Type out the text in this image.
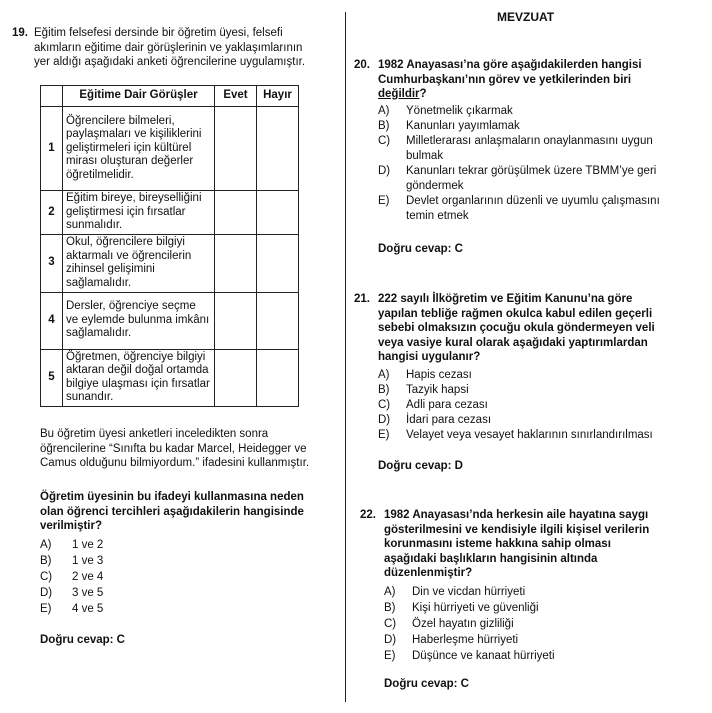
19. Eğitim felsefesi dersinde bir öğretim üyesi, felsefi
akımların eğitime dair görüşlerinin ve yaklaşımlarının
yer aldığı aşağıdaki anketi öğrencilerine uygulamıştır.
	Eğitime Dair Görüşler	Evet	Hayır
1	Öğrencilere bilmeleri, paylaşmaları ve kişiliklerini geliştirmeleri için kültürel mirası oluşturan değerler öğretilmelidir.		
2	Eğitim bireye, bireyselliğini geliştirmesi için fırsatlar sunmalıdır.		
3	Okul, öğrencilere bilgiyi aktarmalı ve öğrencilerin zihinsel gelişimini sağlamalıdır.		
4	Dersler, öğrenciye seçme ve eylemde bulunma imkânı sağlamalıdır.		
5	Öğretmen, öğrenciye bilgiyi aktaran değil doğal ortamda bilgiye ulaşması için fırsatlar sunandır.		
Bu öğretim üyesi anketleri inceledikten sonra
öğrencilerine “Sınıfta bu kadar Marcel, Heidegger ve
Camus olduğunu bilmiyordum.” ifadesini kullanmıştır.
Öğretim üyesinin bu ifadeyi kullanmasına neden
olan öğrenci tercihleri aşağıdakilerin hangisinde
verilmiştir?
A) 1 ve 2
B) 1 ve 3
C) 2 ve 4
D) 3 ve 5
E) 4 ve 5
Doğru cevap: C
MEVZUAT
20. 1982 Anayasası’na göre aşağıdakilerden hangisi
Cumhurbaşkanı’nın görev ve yetkilerinden biri
değildir?
A) Yönetmelik çıkarmak
B) Kanunları yayımlamak
C) Milletlerarası anlaşmaların onaylanmasını uygun
bulmak
D) Kanunları tekrar görüşülmek üzere TBMM’ye geri
göndermek
E) Devlet organlarının düzenli ve uyumlu çalışmasını
temin etmek
Doğru cevap: C
21. 222 sayılı İlköğretim ve Eğitim Kanunu’na göre
yapılan tebliğe rağmen okulca kabul edilen geçerli
sebebi olmaksızın çocuğu okula göndermeyen veli
veya vasiye kural olarak aşağıdaki yaptırımlardan
hangisi uygulanır?
A) Hapis cezası
B) Tazyik hapsi
C) Adli para cezası
D) İdari para cezası
E) Velayet veya vesayet haklarının sınırlandırılması
Doğru cevap: D
22. 1982 Anayasası’nda herkesin aile hayatına saygı
gösterilmesini ve kendisiyle ilgili kişisel verilerin
korunmasını isteme hakkına sahip olması
aşağıdaki başlıkların hangisinin altında
düzenlenmiştir?
A) Din ve vicdan hürriyeti
B) Kişi hürriyeti ve güvenliği
C) Özel hayatın gizliliği
D) Haberleşme hürriyeti
E) Düşünce ve kanaat hürriyeti
Doğru cevap: C
